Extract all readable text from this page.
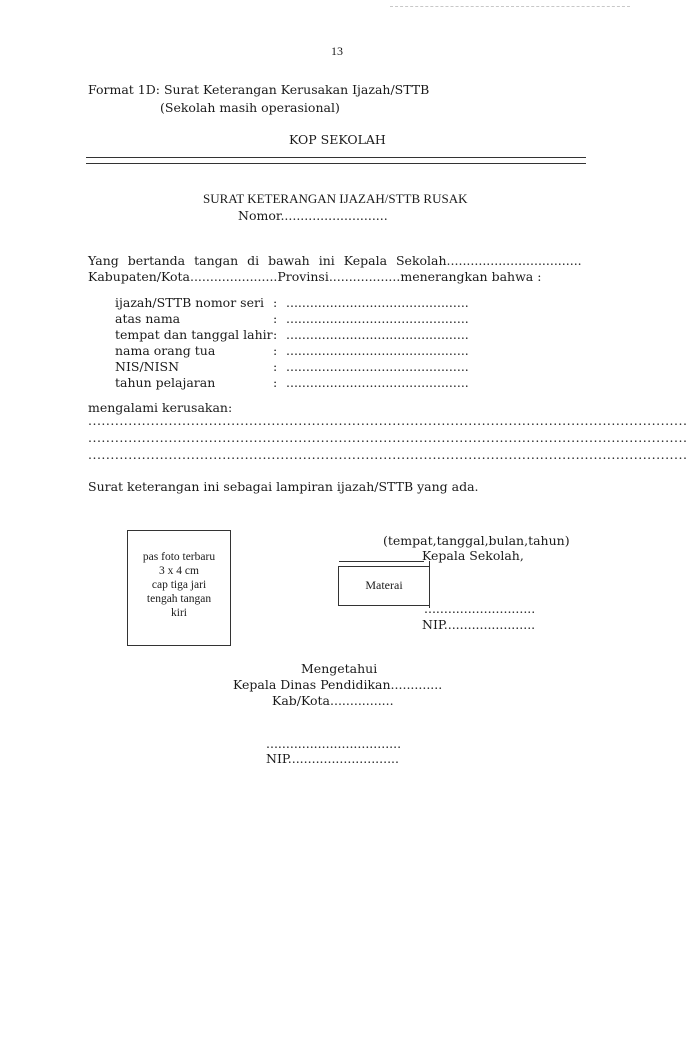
13
Format 1D: Surat Keterangan Kerusakan Ijazah/STTB
(Sekolah masih operasional)
KOP SEKOLAH
SURAT KETERANGAN IJAZAH/STTB RUSAK
Nomor...........................
Yang bertanda tangan di bawah ini Kepala Sekolah..................................
Kabupaten/Kota......................Provinsi..................menerangkan bahwa :
ijazah/STTB nomor seri : ..............................................
atas nama	: ..............................................
tempat dan tanggal lahir : ..............................................
nama orang tua	: ..............................................
NIS/NISN	: ..............................................
tahun pelajaran	: ..............................................
mengalami kerusakan:
......................................................................................................................................
......................................................................................................................................
......................................................................................................................................
Surat keterangan ini sebagai lampiran ijazah/STTB yang ada.
pas foto terbaru
3 x 4 cm
cap tiga jari
tengah tangan
kiri
(tempat,tanggal,bulan,tahun)
Kepala Sekolah,
Materai
............................
NIP.......................
Mengetahui
Kepala Dinas Pendidikan.............
Kab/Kota................
..................................
NIP............................
